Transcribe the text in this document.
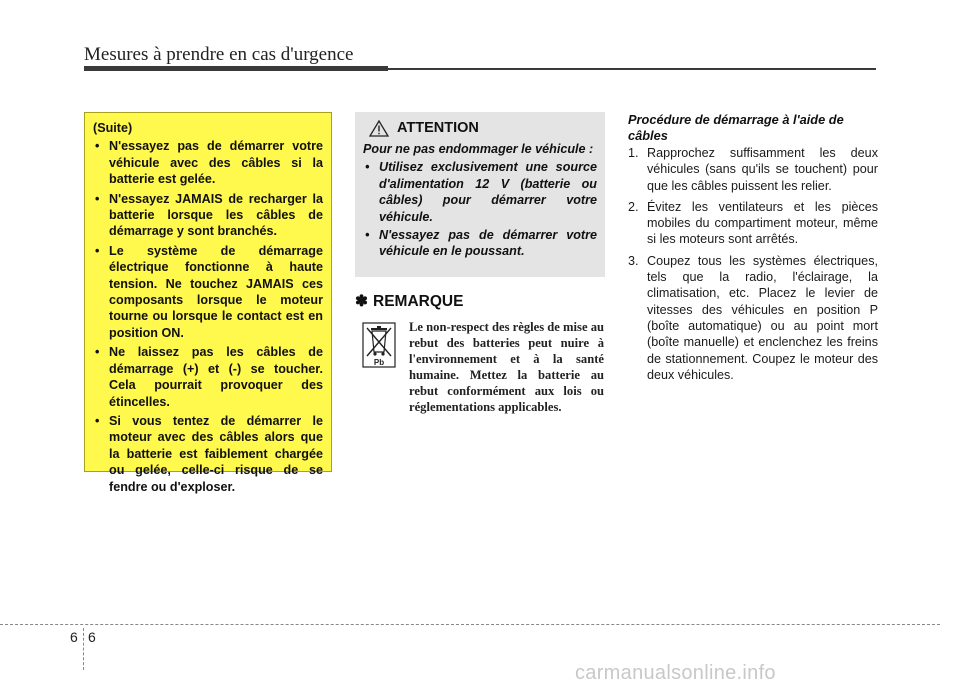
Mesures à prendre en cas d'urgence
(Suite)
• N'essayez pas de démarrer votre véhicule avec des câbles si la batterie est gelée.
• N'essayez JAMAIS de recharger la batterie lorsque les câbles de démarrage y sont branchés.
• Le système de démarrage électrique fonctionne à haute tension. Ne touchez JAMAIS ces composants lorsque le moteur tourne ou lorsque le contact est en position ON.
• Ne laissez pas les câbles de démarrage (+) et (-) se toucher. Cela pourrait provoquer des étincelles.
• Si vous tentez de démarrer le moteur avec des câbles alors que la batterie est faiblement chargée ou gelée, celle-ci risque de se fendre ou d'exploser.
ATTENTION
Pour ne pas endommager le véhicule :
• Utilisez exclusivement une source d'alimentation 12 V (batterie ou câbles) pour démarrer votre véhicule.
• N'essayez pas de démarrer votre véhicule en le poussant.
✽ REMARQUE
Pb
Le non-respect des règles de mise au rebut des batteries peut nuire à l'environnement et à la santé humaine. Mettez la batterie au rebut conformément aux lois ou réglementations applicables.
Procédure de démarrage à l'aide de câbles
1. Rapprochez suffisamment les deux véhicules (sans qu'ils se touchent) pour que les câbles puissent les relier.
2. Évitez les ventilateurs et les pièces mobiles du compartiment moteur, même si les moteurs sont arrêtés.
3. Coupez tous les systèmes électriques, tels que la radio, l'éclairage, la climatisation, etc. Placez le levier de vitesses des véhicules en position P (boîte automatique) ou au point mort (boîte manuelle) et enclenchez les freins de stationnement. Coupez le moteur des deux véhicules.
6 6
carmanualsonline.info
